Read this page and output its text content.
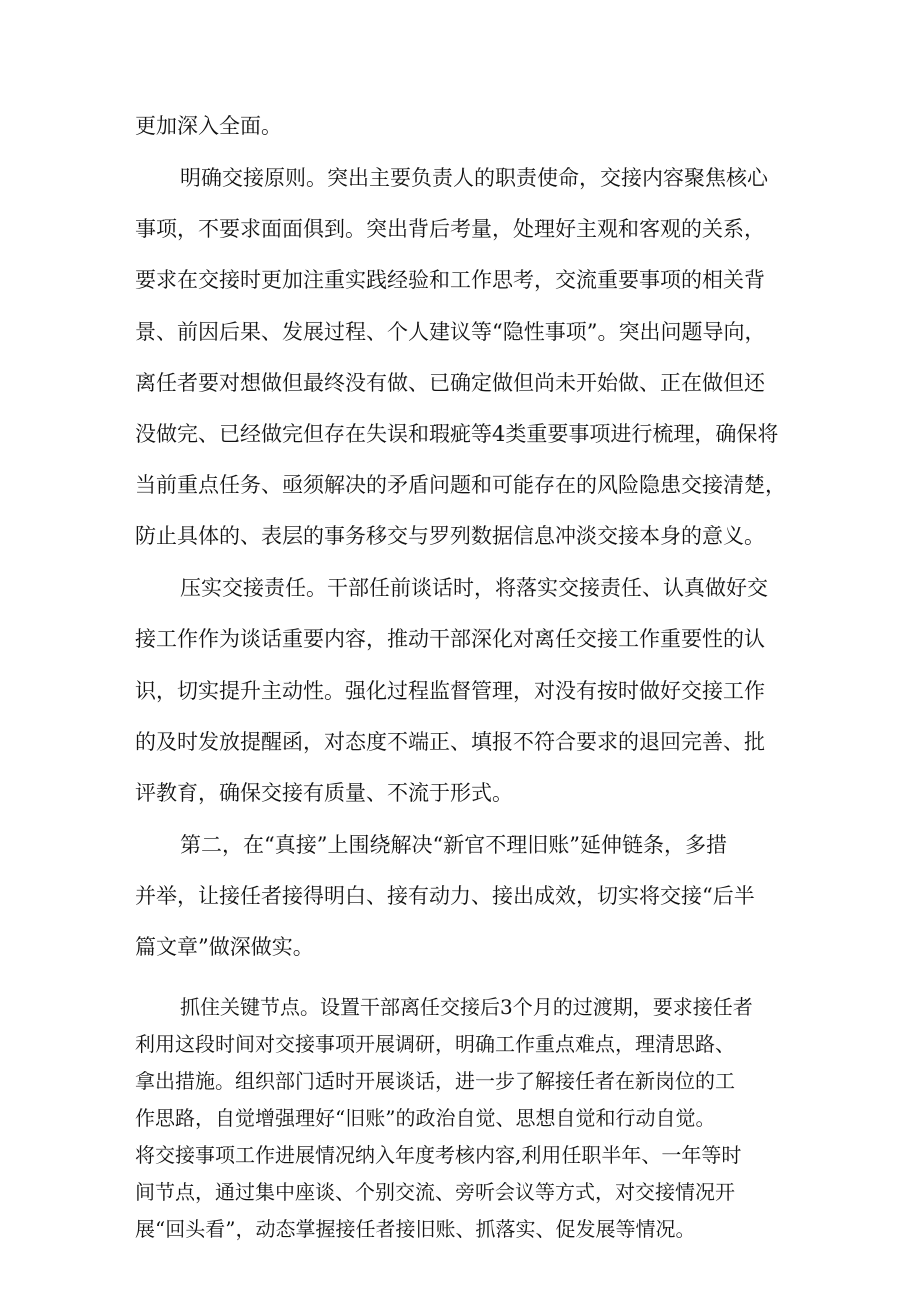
更加深入全面。

明确交接原则。突出主要负责人的职责使命，交接内容聚焦核心

事项，不要求面面俱到。突出背后考量，处理好主观和客观的关系，

要求在交接时更加注重实践经验和工作思考，交流重要事项的相关背

景、前因后果、发展过程、个人建议等“隐性事项”。突出问题导向，

离任者要对想做但最终没有做、已确定做但尚未开始做、正在做但还

没做完、已经做完但存在失误和瑕疵等4类重要事项进行梳理，确保将

当前重点任务、亟须解决的矛盾问题和可能存在的风险隐患交接清楚，

防止具体的、表层的事务移交与罗列数据信息冲淡交接本身的意义。

压实交接责任。干部任前谈话时，将落实交接责任、认真做好交

接工作作为谈话重要内容，推动干部深化对离任交接工作重要性的认

识，切实提升主动性。强化过程监督管理，对没有按时做好交接工作

的及时发放提醒函，对态度不端正、填报不符合要求的退回完善、批

评教育，确保交接有质量、不流于形式。

第二，在“真接”上围绕解决“新官不理旧账”延伸链条，多措

并举，让接任者接得明白、接有动力、接出成效，切实将交接“后半

篇文章”做深做实。

抓住关键节点。设置干部离任交接后3个月的过渡期，要求接任者

利用这段时间对交接事项开展调研，明确工作重点难点，理清思路、

拿出措施。组织部门适时开展谈话，进一步了解接任者在新岗位的工

作思路，自觉增强理好“旧账”的政治自觉、思想自觉和行动自觉。

将交接事项工作进展情况纳入年度考核内容,利用任职半年、一年等时

间节点，通过集中座谈、个别交流、旁听会议等方式，对交接情况开

展“回头看”，动态掌握接任者接旧账、抓落实、促发展等情况。
